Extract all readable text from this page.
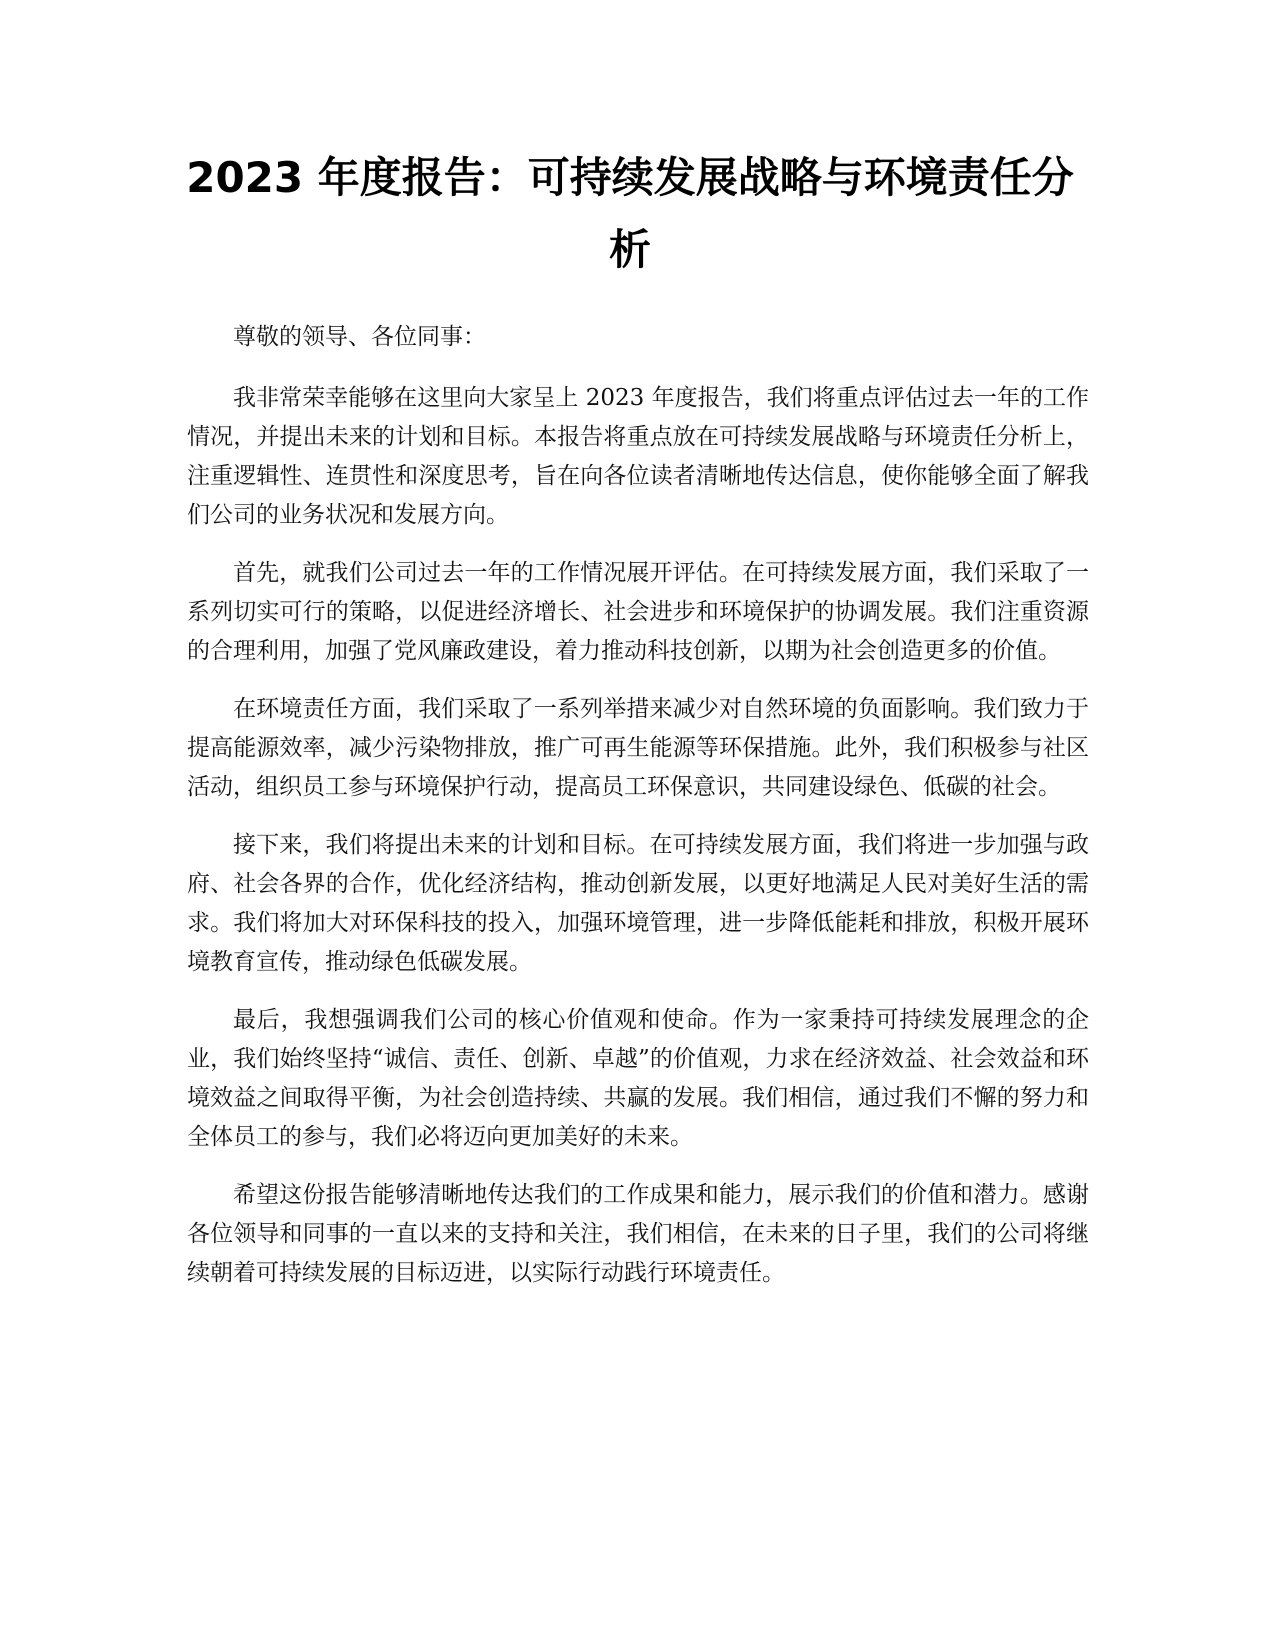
2023 年度报告：可持续发展战略与环境责任分析

尊敬的领导、各位同事：

我非常荣幸能够在这里向大家呈上 2023 年度报告，我们将重点评估过去一年的工作情况，并提出未来的计划和目标。本报告将重点放在可持续发展战略与环境责任分析上，注重逻辑性、连贯性和深度思考，旨在向各位读者清晰地传达信息，使你能够全面了解我们公司的业务状况和发展方向。

首先，就我们公司过去一年的工作情况展开评估。在可持续发展方面，我们采取了一系列切实可行的策略，以促进经济增长、社会进步和环境保护的协调发展。我们注重资源的合理利用，加强了党风廉政建设，着力推动科技创新，以期为社会创造更多的价值。

在环境责任方面，我们采取了一系列举措来减少对自然环境的负面影响。我们致力于提高能源效率，减少污染物排放，推广可再生能源等环保措施。此外，我们积极参与社区活动，组织员工参与环境保护行动，提高员工环保意识，共同建设绿色、低碳的社会。

接下来，我们将提出未来的计划和目标。在可持续发展方面，我们将进一步加强与政府、社会各界的合作，优化经济结构，推动创新发展，以更好地满足人民对美好生活的需求。我们将加大对环保科技的投入，加强环境管理，进一步降低能耗和排放，积极开展环境教育宣传，推动绿色低碳发展。

最后，我想强调我们公司的核心价值观和使命。作为一家秉持可持续发展理念的企业，我们始终坚持“诚信、责任、创新、卓越”的价值观，力求在经济效益、社会效益和环境效益之间取得平衡，为社会创造持续、共赢的发展。我们相信，通过我们不懈的努力和全体员工的参与，我们必将迈向更加美好的未来。

希望这份报告能够清晰地传达我们的工作成果和能力，展示我们的价值和潜力。感谢各位领导和同事的一直以来的支持和关注，我们相信，在未来的日子里，我们的公司将继续朝着可持续发展的目标迈进，以实际行动践行环境责任。
